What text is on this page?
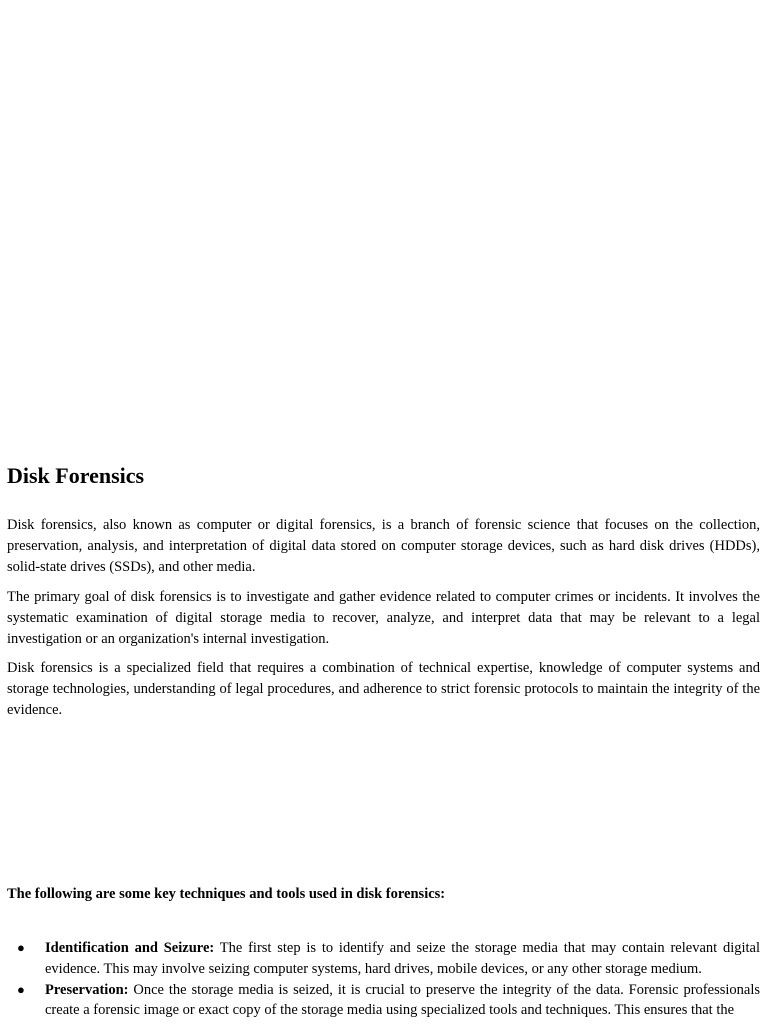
Disk Forensics

Disk forensics, also known as computer or digital forensics, is a branch of forensic science that focuses on the collection, preservation, analysis, and interpretation of digital data stored on computer storage devices, such as hard disk drives (HDDs), solid-state drives (SSDs), and other media.

The primary goal of disk forensics is to investigate and gather evidence related to computer crimes or incidents. It involves the systematic examination of digital storage media to recover, analyze, and interpret data that may be relevant to a legal investigation or an organization's internal investigation.

Disk forensics is a specialized field that requires a combination of technical expertise, knowledge of computer systems and storage technologies, understanding of legal procedures, and adherence to strict forensic protocols to maintain the integrity of the evidence.

The following are some key techniques and tools used in disk forensics:

● Identification and Seizure: The first step is to identify and seize the storage media that may contain relevant digital evidence. This may involve seizing computer systems, hard drives, mobile devices, or any other storage medium.
● Preservation: Once the storage media is seized, it is crucial to preserve the integrity of the data. Forensic professionals create a forensic image or exact copy of the storage media using specialized tools and techniques. This ensures that the
